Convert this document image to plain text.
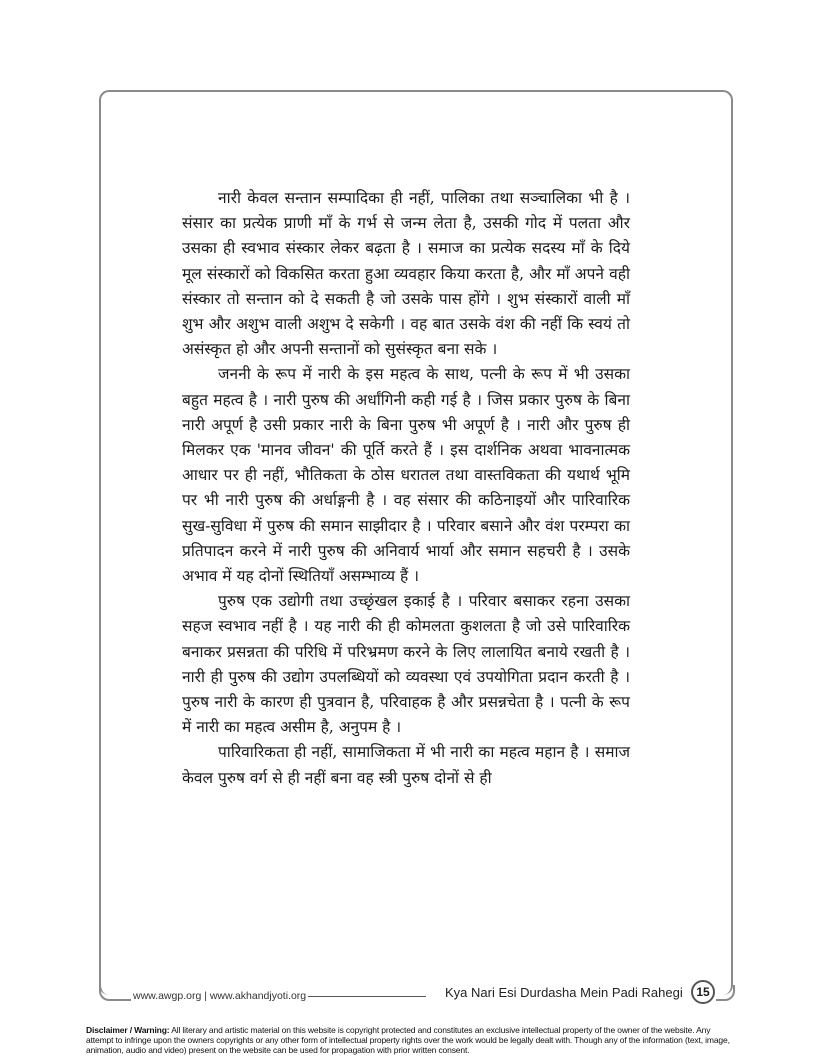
नारी केवल सन्तान सम्पादिका ही नहीं, पालिका तथा सञ्चालिका भी है । संसार का प्रत्येक प्राणी माँ के गर्भ से जन्म लेता है, उसकी गोद में पलता और उसका ही स्वभाव संस्कार लेकर बढ़ता है । समाज का प्रत्येक सदस्य माँ के दिये मूल संस्कारों को विकसित करता हुआ व्यवहार किया करता है, और माँ अपने वही संस्कार तो सन्तान को दे सकती है जो उसके पास होंगे । शुभ संस्कारों वाली माँ शुभ और अशुभ वाली अशुभ दे सकेगी । वह बात उसके वंश की नहीं कि स्वयं तो असंस्कृत हो और अपनी सन्तानों को सुसंस्कृत बना सके ।

जननी के रूप में नारी के इस महत्व के साथ, पत्नी के रूप में भी उसका बहुत महत्व है । नारी पुरुष की अर्धांगिनी कही गई है । जिस प्रकार पुरुष के बिना नारी अपूर्ण है उसी प्रकार नारी के बिना पुरुष भी अपूर्ण है । नारी और पुरुष ही मिलकर एक 'मानव जीवन' की पूर्ति करते हैं । इस दार्शनिक अथवा भावनात्मक आधार पर ही नहीं, भौतिकता के ठोस धरातल तथा वास्तविकता की यथार्थ भूमि पर भी नारी पुरुष की अर्धाङ्गनी है । वह संसार की कठिनाइयों और पारिवारिक सुख-सुविधा में पुरुष की समान साझीदार है । परिवार बसाने और वंश परम्परा का प्रतिपादन करने में नारी पुरुष की अनिवार्य भार्या और समान सहचरी है । उसके अभाव में यह दोनों स्थितियाँ असम्भाव्य हैं ।

पुरुष एक उद्योगी तथा उच्छृंखल इकाई है । परिवार बसाकर रहना उसका सहज स्वभाव नहीं है । यह नारी की ही कोमलता कुशलता है जो उसे पारिवारिक बनाकर प्रसन्नता की परिधि में परिभ्रमण करने के लिए लालायित बनाये रखती है । नारी ही पुरुष की उद्योग उपलब्धियों को व्यवस्था एवं उपयोगिता प्रदान करती है । पुरुष नारी के कारण ही पुत्रवान है, परिवाहक है और प्रसन्नचेता है । पत्नी के रूप में नारी का महत्व असीम है, अनुपम है ।

पारिवारिकता ही नहीं, सामाजिकता में भी नारी का महत्व महान है । समाज केवल पुरुष वर्ग से ही नहीं बना वह स्त्री पुरुष दोनों से ही

www.awgp.org | www.akhandjyoti.org	Kya Nari Esi Durdasha Mein Padi Rahegi	15
Disclaimer / Warning: All literary and artistic material on this website is copyright protected and constitutes an exclusive intellectual property of the owner of the website. Any attempt to infringe upon the owners copyrights or any other form of intellectual property rights over the work would be legally dealt with. Though any of the information (text, image, animation, audio and video) present on the website can be used for propagation with prior written consent.
